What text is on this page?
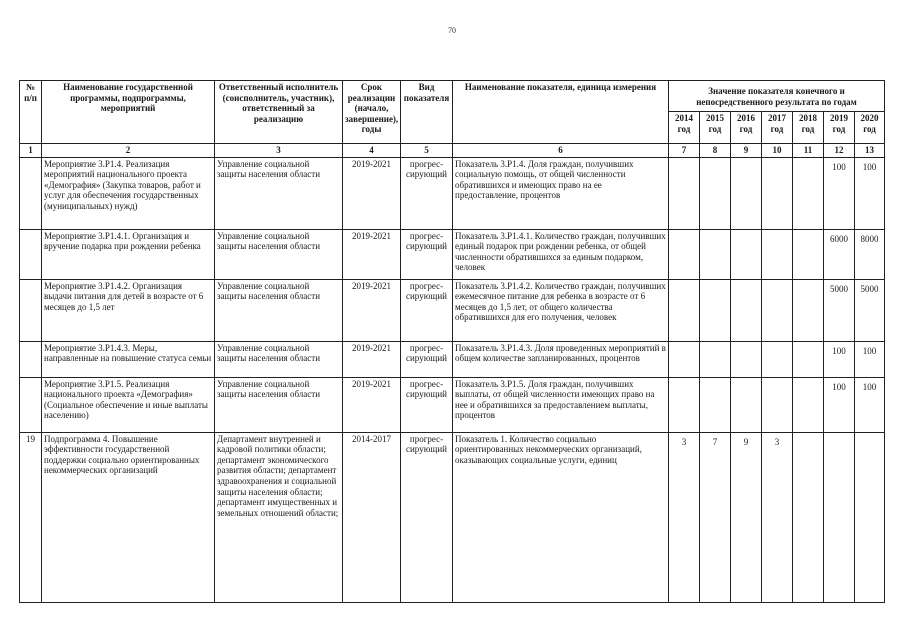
70
№ п/п	Наименование государственной программы, подпрограммы, мероприятий	Ответственный исполнитель (соисполнитель, участник), ответственный за реализацию	Срок реализации (начало, завершение), годы	Вид показателя	Наименование показателя, единица измерения	Значение показателя конечного и непосредственного результата по годам						
						2014 год	2015 год	2016 год	2017 год	2018 год	2019 год	2020 год
1	2	3	4	5	6	7	8	9	10	11	12	13
	Мероприятие 3.Р1.4. Реализация мероприятий национального проекта «Демография» (Закупка товаров, работ и услуг для обеспечения государственных (муниципальных) нужд)	Управление социальной защиты населения области	2019-2021	прогрес- сирующий	Показатель 3.Р1.4. Доля граждан, получивших социальную помощь, от общей численности обратившихся и имеющих право на ее предоставление, процентов						100	100
	Мероприятие 3.Р1.4.1. Организация и вручение подарка при рождении ребенка	Управление социальной защиты населения области	2019-2021	прогрес- сирующий	Показатель 3.Р1.4.1. Количество граждан, получивших единый подарок при рождении ребенка, от общей численности обратившихся за единым подарком, человек						6000	8000
	Мероприятие 3.Р1.4.2. Организация выдачи питания для детей в возрасте от 6 месяцев до 1,5 лет	Управление социальной защиты населения области	2019-2021	прогрес- сирующий	Показатель 3.Р1.4.2. Количество граждан, получивших ежемесячное питание для ребенка в возрасте от 6 месяцев до 1,5 лет, от общего количества обратившихся для его получения, человек						5000	5000
	Мероприятие 3.Р1.4.3. Меры, направленные на повышение статуса семьи	Управление социальной защиты населения области	2019-2021	прогрес- сирующий	Показатель 3.Р1.4.3. Доля проведенных мероприятий в общем количестве запланированных, процентов						100	100
	Мероприятие 3.Р1.5. Реализация национального проекта «Демография» (Социальное обеспечение и иные выплаты населению)	Управление социальной защиты населения области	2019-2021	прогрес- сирующий	Показатель 3.Р1.5. Доля граждан, получивших выплаты, от общей численности имеющих право на нее и обратившихся за предоставлением выплаты, процентов						100	100
19	Подпрограмма 4. Повышение эффективности государственной поддержки социально ориентированных некоммерческих организаций	Департамент внутренней и кадровой политики области; департамент экономического развития области; департамент здравоохранения и социальной защиты населения области; департамент имущественных и земельных отношений области;	2014-2017	прогрес- сирующий	Показатель 1. Количество социально ориентированных некоммерческих организаций, оказывающих социальные услуги, единиц	3	7	9	3			
